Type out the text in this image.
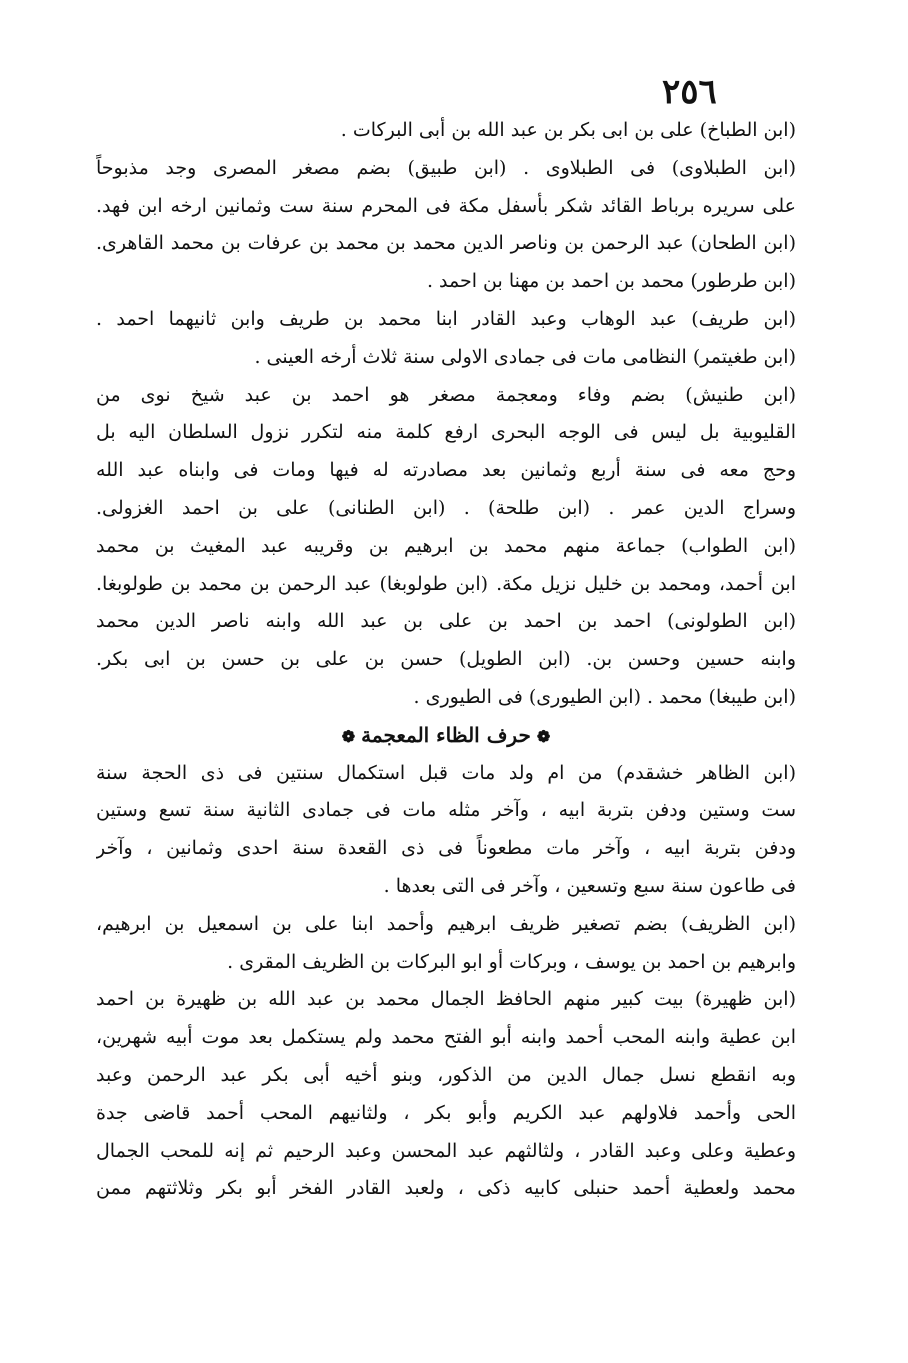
٢٥٦
(ابن الطباخ) على بن ابى بكر بن عبد الله بن أبى البركات .
(ابن الطبلاوى) فى الطبلاوى . (ابن طبيق) بضم مصغر المصرى وجد مذبوحاً
على سريره برباط القائد شكر بأسفل مكة فى المحرم سنة ست وثمانين ارخه ابن فهد.
(ابن الطحان) عبد الرحمن بن وناصر الدين محمد بن محمد بن عرفات بن محمد القاهرى.
(ابن طرطور) محمد بن احمد بن مهنا بن احمد .
(ابن طريف) عبد الوهاب وعبد القادر ابنا محمد بن طريف وابن ثانيهما احمد .
(ابن طغيتمر) النظامى مات فى جمادى الاولى سنة ثلاث أرخه العينى .
(ابن طنيش) بضم وفاء ومعجمة مصغر هو احمد بن عبد شيخ نوى من
القليوبية بل ليس فى الوجه البحرى ارفع كلمة منه لتكرر نزول السلطان اليه بل
وحج معه فى سنة أربع وثمانين بعد مصادرته له فيها ومات فى وابناه عبد الله
وسراج الدين عمر . (ابن طلحة) . (ابن الطنانى) على بن احمد الغزولى.
(ابن الطواب) جماعة منهم محمد بن ابرهيم بن وقريبه عبد المغيث بن محمد
ابن أحمد، ومحمد بن خليل نزيل مكة. (ابن طولوبغا) عبد الرحمن بن محمد بن طولوبغا.
(ابن الطولونى) احمد بن احمد بن على بن عبد الله وابنه ناصر الدين محمد
وابنه حسين وحسن بن. (ابن الطويل) حسن بن على بن حسن بن ابى بكر.
(ابن طيبغا) محمد . (ابن الطيورى) فى الطيورى .
❁حرف الظاء المعجمة❁
(ابن الظاهر خشقدم) من ام ولد مات قبل استكمال سنتين فى ذى الحجة سنة
ست وستين ودفن بتربة ابيه ، وآخر مثله مات فى جمادى الثانية سنة تسع وستين
ودفن بتربة ابيه ، وآخر مات مطعوناً فى ذى القعدة سنة احدى وثمانين ، وآخر
فى طاعون سنة سبع وتسعين ، وآخر فى التى بعدها .
(ابن الظريف) بضم تصغير ظريف ابرهيم وأحمد ابنا على بن اسمعيل بن ابرهيم،
وابرهيم بن احمد بن يوسف ، وبركات أو ابو البركات بن الظريف المقرى .
(ابن ظهيرة) بيت كبير منهم الحافظ الجمال محمد بن عبد الله بن ظهيرة بن احمد
ابن عطية وابنه المحب أحمد وابنه أبو الفتح محمد ولم يستكمل بعد موت أبيه شهرين،
وبه انقطع نسل جمال الدين من الذكور، وبنو أخيه أبى بكر عبد الرحمن وعبد
الحى وأحمد فلاولهم عبد الكريم وأبو بكر ، ولثانيهم المحب أحمد قاضى جدة
وعطية وعلى وعبد القادر ، ولثالثهم عبد المحسن وعبد الرحيم ثم إنه للمحب الجمال
محمد ولعطية أحمد حنبلى كابيه ذكى ، ولعبد القادر الفخر أبو بكر وثلاثتهم ممن
